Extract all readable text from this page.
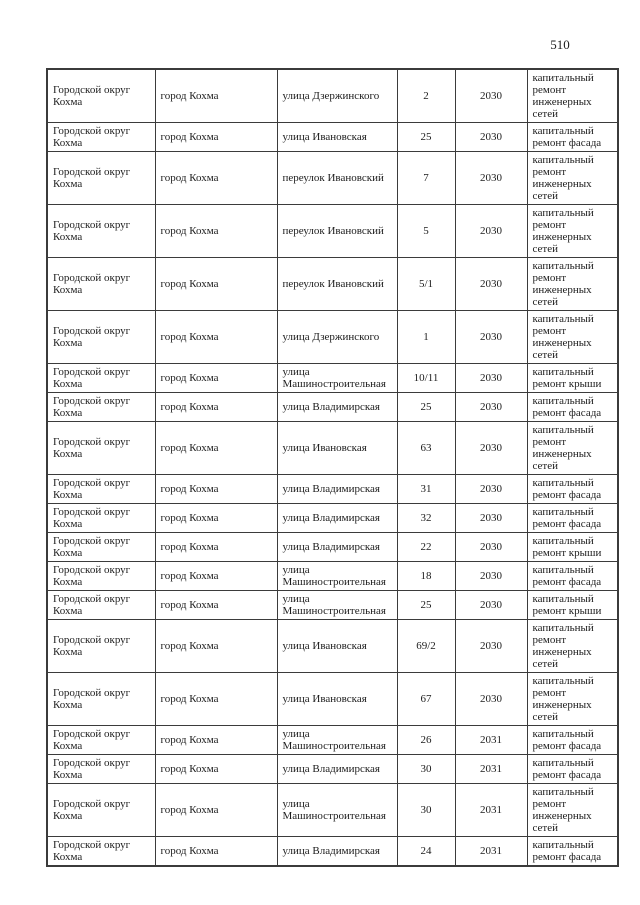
510
Городской округ Кохма	город Кохма	улица Дзержинского	2	2030	капитальный ремонт инженерных сетей
Городской округ Кохма	город Кохма	улица Ивановская	25	2030	капитальный ремонт фасада
Городской округ Кохма	город Кохма	переулок Ивановский	7	2030	капитальный ремонт инженерных сетей
Городской округ Кохма	город Кохма	переулок Ивановский	5	2030	капитальный ремонт инженерных сетей
Городской округ Кохма	город Кохма	переулок Ивановский	5/1	2030	капитальный ремонт инженерных сетей
Городской округ Кохма	город Кохма	улица Дзержинского	1	2030	капитальный ремонт инженерных сетей
Городской округ Кохма	город Кохма	улица Машиностроительная	10/11	2030	капитальный ремонт крыши
Городской округ Кохма	город Кохма	улица Владимирская	25	2030	капитальный ремонт фасада
Городской округ Кохма	город Кохма	улица Ивановская	63	2030	капитальный ремонт инженерных сетей
Городской округ Кохма	город Кохма	улица Владимирская	31	2030	капитальный ремонт фасада
Городской округ Кохма	город Кохма	улица Владимирская	32	2030	капитальный ремонт фасада
Городской округ Кохма	город Кохма	улица Владимирская	22	2030	капитальный ремонт крыши
Городской округ Кохма	город Кохма	улица Машиностроительная	18	2030	капитальный ремонт фасада
Городской округ Кохма	город Кохма	улица Машиностроительная	25	2030	капитальный ремонт крыши
Городской округ Кохма	город Кохма	улица Ивановская	69/2	2030	капитальный ремонт инженерных сетей
Городской округ Кохма	город Кохма	улица Ивановская	67	2030	капитальный ремонт инженерных сетей
Городской округ Кохма	город Кохма	улица Машиностроительная	26	2031	капитальный ремонт фасада
Городской округ Кохма	город Кохма	улица Владимирская	30	2031	капитальный ремонт фасада
Городской округ Кохма	город Кохма	улица Машиностроительная	30	2031	капитальный ремонт инженерных сетей
Городской округ Кохма	город Кохма	улица Владимирская	24	2031	капитальный ремонт фасада
